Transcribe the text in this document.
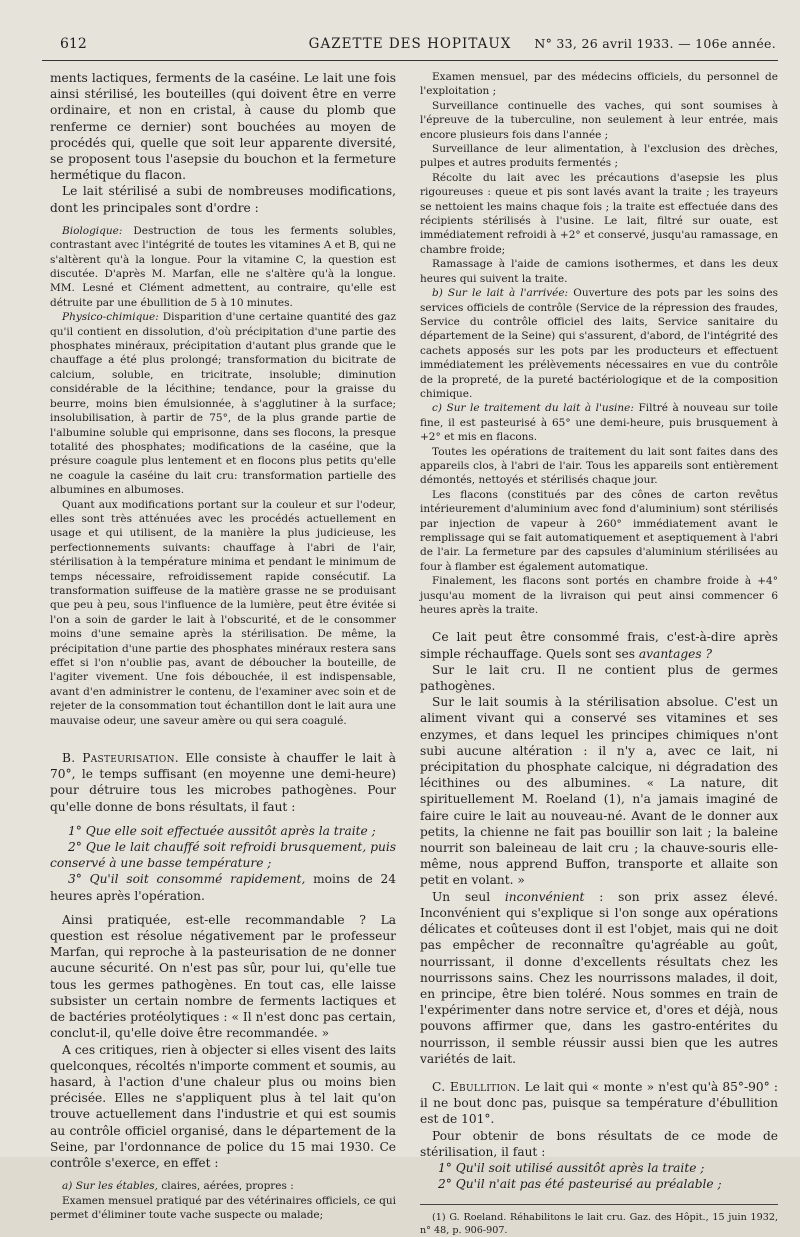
612	GAZETTE DES HOPITAUX	N° 33, 26 avril 1933. — 106e année.

ments lactiques, ferments de la caséine. Le lait une fois ainsi stérilisé, les bouteilles (qui doivent être en verre ordinaire, et non en cristal, à cause du plomb que renferme ce dernier) sont bouchées au moyen de procédés qui, quelle que soit leur apparente diversité, se proposent tous l'asepsie du bouchon et la fermeture hermétique du flacon.

Le lait stérilisé a subi de nombreuses modifications, dont les principales sont d'ordre :

Biologique: Destruction de tous les ferments solubles, contrastant avec l'intégrité de toutes les vitamines A et B, qui ne s'altèrent qu'à la longue. Pour la vitamine C, la question est discutée. D'après M. Marfan, elle ne s'altère qu'à la longue. MM. Lesné et Clément admettent, au contraire, qu'elle est détruite par une ébullition de 5 à 10 minutes.

Physico-chimique: Disparition d'une certaine quantité des gaz qu'il contient en dissolution, d'où précipitation d'une partie des phosphates minéraux, précipitation d'autant plus grande que le chauffage a été plus prolongé; transformation du bicitrate de calcium, soluble, en tricitrate, insoluble; diminution considérable de la lécithine; tendance, pour la graisse du beurre, moins bien émulsionnée, à s'agglutiner à la surface; insolubilisation, à partir de 75°, de la plus grande partie de l'albumine soluble qui emprisonne, dans ses flocons, la presque totalité des phosphates; modifications de la caséine, que la présure coagule plus lentement et en flocons plus petits qu'elle ne coagule la caséine du lait cru: transformation partielle des albumines en albumoses.

Quant aux modifications portant sur la couleur et sur l'odeur, elles sont très atténuées avec les procédés actuellement en usage et qui utilisent, de la manière la plus judicieuse, les perfectionnements suivants: chauffage à l'abri de l'air, stérilisation à la température minima et pendant le minimum de temps nécessaire, refroidissement rapide consécutif. La transformation suiffeuse de la matière grasse ne se produisant que peu à peu, sous l'influence de la lumière, peut être évitée si l'on a soin de garder le lait à l'obscurité, et de le consommer moins d'une semaine après la stérilisation. De même, la précipitation d'une partie des phosphates minéraux restera sans effet si l'on n'oublie pas, avant de déboucher la bouteille, de l'agiter vivement. Une fois débouchée, il est indispensable, avant d'en administrer le contenu, de l'examiner avec soin et de rejeter de la consommation tout échantillon dont le lait aura une mauvaise odeur, une saveur amère ou qui sera coagulé.

B. Pasteurisation. Elle consiste à chauffer le lait à 70°, le temps suffisant (en moyenne une demi-heure) pour détruire tous les microbes pathogènes. Pour qu'elle donne de bons résultats, il faut :

1° Que elle soit effectuée aussitôt après la traite ;

2° Que le lait chauffé soit refroidi brusquement, puis conservé à une basse température ;

3° Qu'il soit consommé rapidement, moins de 24 heures après l'opération.

Ainsi pratiquée, est-elle recommandable ? La question est résolue négativement par le professeur Marfan, qui reproche à la pasteurisation de ne donner aucune sécurité. On n'est pas sûr, pour lui, qu'elle tue tous les germes pathogènes. En tout cas, elle laisse subsister un certain nombre de ferments lactiques et de bactéries protéolytiques : « Il n'est donc pas certain, conclut-il, qu'elle doive être recommandée. »

A ces critiques, rien à objecter si elles visent des laits quelconques, récoltés n'importe comment et soumis, au hasard, à l'action d'une chaleur plus ou moins bien précisée. Elles ne s'appliquent plus à tel lait qu'on trouve actuellement dans l'industrie et qui est soumis au contrôle officiel organisé, dans le département de la Seine, par l'ordonnance de police du 15 mai 1930. Ce contrôle s'exerce, en effet :

a) Sur les étables, claires, aérées, propres :

Examen mensuel pratiqué par des vétérinaires officiels, ce qui permet d'éliminer toute vache suspecte ou malade;

Examen mensuel, par des médecins officiels, du personnel de l'exploitation ;

Surveillance continuelle des vaches, qui sont soumises à l'épreuve de la tuberculine, non seulement à leur entrée, mais encore plusieurs fois dans l'année ;

Surveillance de leur alimentation, à l'exclusion des drèches, pulpes et autres produits fermentés ;

Récolte du lait avec les précautions d'asepsie les plus rigoureuses : queue et pis sont lavés avant la traite ; les trayeurs se nettoient les mains chaque fois ; la traite est effectuée dans des récipients stérilisés à l'usine. Le lait, filtré sur ouate, est immédiatement refroidi à +2° et conservé, jusqu'au ramassage, en chambre froide;

Ramassage à l'aide de camions isothermes, et dans les deux heures qui suivent la traite.

b) Sur le lait à l'arrivée: Ouverture des pots par les soins des services officiels de contrôle (Service de la répression des fraudes, Service du contrôle officiel des laits, Service sanitaire du département de la Seine) qui s'assurent, d'abord, de l'intégrité des cachets apposés sur les pots par les producteurs et effectuent immédiatement les prélèvements nécessaires en vue du contrôle de la propreté, de la pureté bactériologique et de la composition chimique.

c) Sur le traitement du lait à l'usine: Filtré à nouveau sur toile fine, il est pasteurisé à 65° une demi-heure, puis brusquement à +2° et mis en flacons.

Toutes les opérations de traitement du lait sont faites dans des appareils clos, à l'abri de l'air. Tous les appareils sont entièrement démontés, nettoyés et stérilisés chaque jour.

Les flacons (constitués par des cônes de carton revêtus intérieurement d'aluminium avec fond d'aluminium) sont stérilisés par injection de vapeur à 260° immédiatement avant le remplissage qui se fait automatiquement et aseptiquement à l'abri de l'air. La fermeture par des capsules d'aluminium stérilisées au four à flamber est également automatique.

Finalement, les flacons sont portés en chambre froide à +4° jusqu'au moment de la livraison qui peut ainsi commencer 6 heures après la traite.

Ce lait peut être consommé frais, c'est-à-dire après simple réchauffage. Quels sont ses avantages ?

Sur le lait cru. Il ne contient plus de germes pathogènes.

Sur le lait soumis à la stérilisation absolue. C'est un aliment vivant qui a conservé ses vitamines et ses enzymes, et dans lequel les principes chimiques n'ont subi aucune altération : il n'y a, avec ce lait, ni précipitation du phosphate calcique, ni dégradation des lécithines ou des albumines. « La nature, dit spirituellement M. Roeland (1), n'a jamais imaginé de faire cuire le lait au nouveau-né. Avant de le donner aux petits, la chienne ne fait pas bouillir son lait ; la baleine nourrit son baleineau de lait cru ; la chauve-souris elle-même, nous apprend Buffon, transporte et allaite son petit en volant. »

Un seul inconvénient : son prix assez élevé. Inconvénient qui s'explique si l'on songe aux opérations délicates et coûteuses dont il est l'objet, mais qui ne doit pas empêcher de reconnaître qu'agréable au goût, nourrissant, il donne d'excellents résultats chez les nourrissons sains. Chez les nourrissons malades, il doit, en principe, être bien toléré. Nous sommes en train de l'expérimenter dans notre service et, d'ores et déjà, nous pouvons affirmer que, dans les gastro-entérites du nourrisson, il semble réussir aussi bien que les autres variétés de lait.

C. Ebullition. Le lait qui « monte » n'est qu'à 85°-90° : il ne bout donc pas, puisque sa température d'ébullition est de 101°.

Pour obtenir de bons résultats de ce mode de stérilisation, il faut :

1° Qu'il soit utilisé aussitôt après la traite ;

2° Qu'il n'ait pas été pasteurisé au préalable ;

(1) G. Roeland. Réhabilitons le lait cru. Gaz. des Hôpit., 15 juin 1932, n° 48, p. 906-907.
